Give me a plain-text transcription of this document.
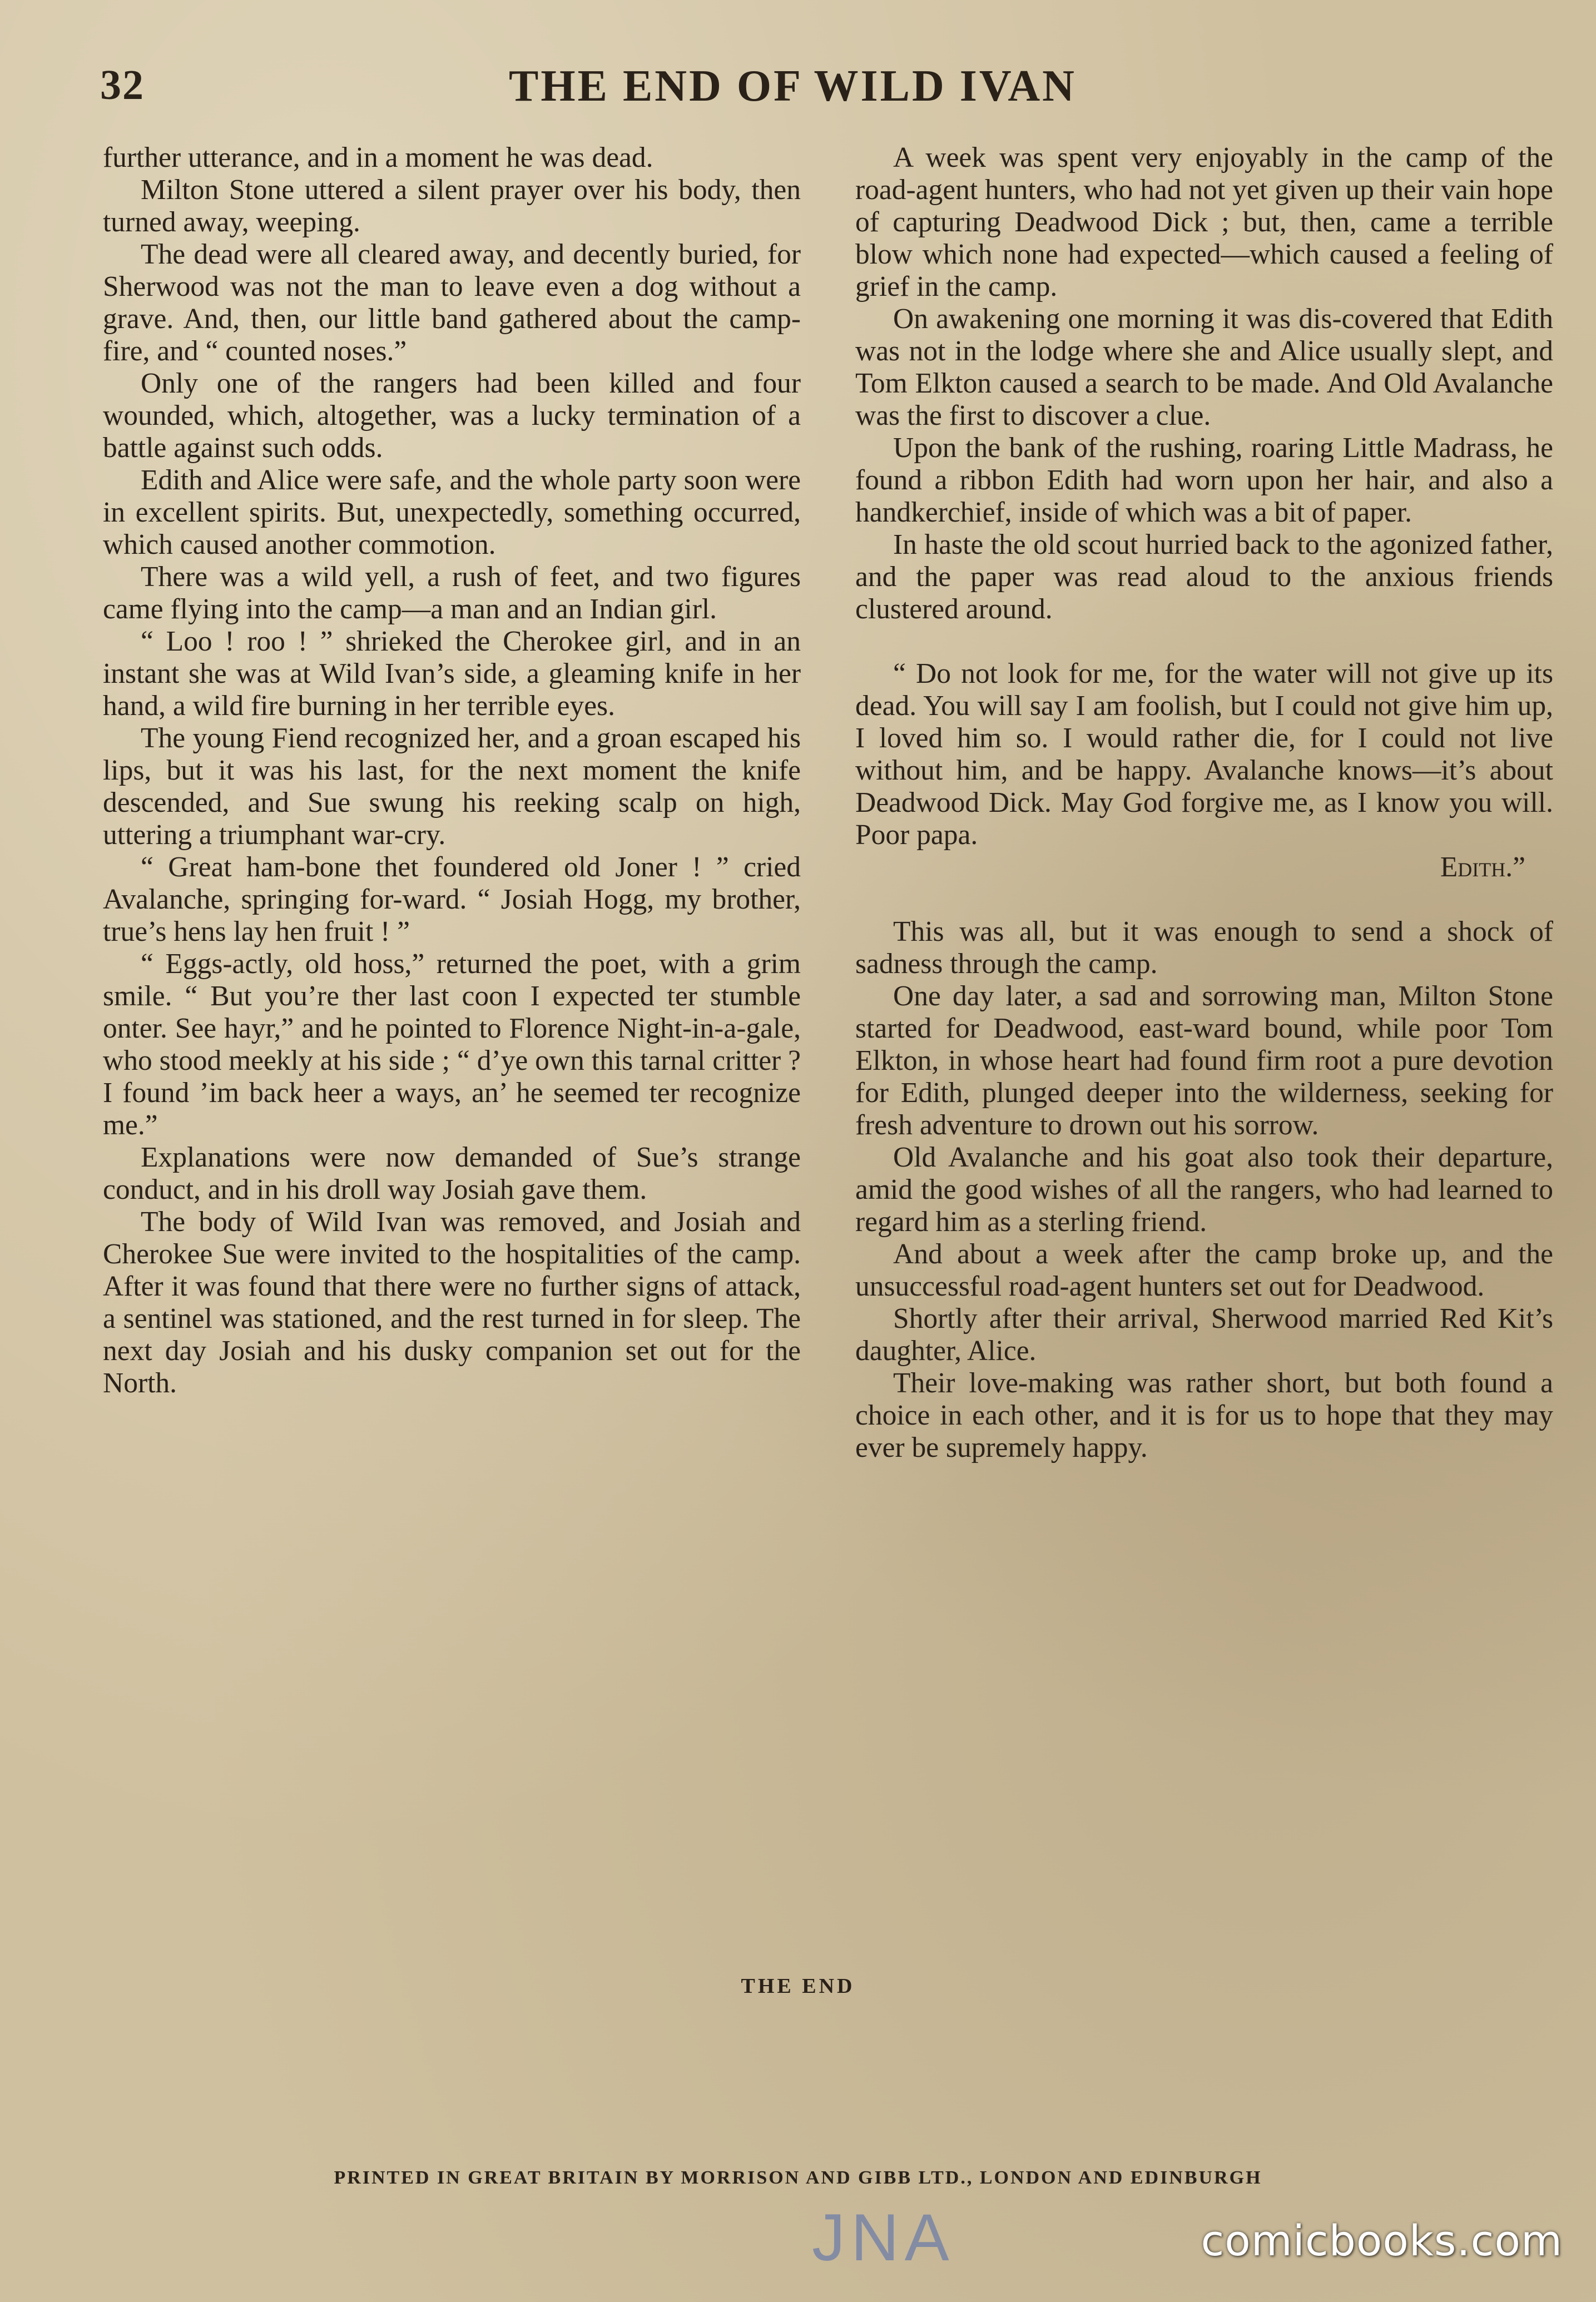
32	THE END OF WILD IVAN

further utterance, and in a moment he was dead.

Milton Stone uttered a silent prayer over his body, then turned away, weeping.

The dead were all cleared away, and decently buried, for Sherwood was not the man to leave even a dog without a grave. And, then, our little band gathered about the camp-fire, and “ counted noses.”

Only one of the rangers had been killed and four wounded, which, altogether, was a lucky termination of a battle against such odds.

Edith and Alice were safe, and the whole party soon were in excellent spirits. But, unexpectedly, something occurred, which caused another commotion.

There was a wild yell, a rush of feet, and two figures came flying into the camp—a man and an Indian girl.

“ Loo ! roo ! ” shrieked the Cherokee girl, and in an instant she was at Wild Ivan’s side, a gleaming knife in her hand, a wild fire burning in her terrible eyes.

The young Fiend recognized her, and a groan escaped his lips, but it was his last, for the next moment the knife descended, and Sue swung his reeking scalp on high, uttering a triumphant war-cry.

“ Great ham-bone thet foundered old Joner ! ” cried Avalanche, springing for-ward. “ Josiah Hogg, my brother, true’s hens lay hen fruit ! ”

“ Eggs-actly, old hoss,” returned the poet, with a grim smile. “ But you’re ther last coon I expected ter stumble onter. See hayr,” and he pointed to Florence Night-in-a-gale, who stood meekly at his side ; “ d’ye own this tarnal critter ? I found ’im back heer a ways, an’ he seemed ter recognize me.”

Explanations were now demanded of Sue’s strange conduct, and in his droll way Josiah gave them.

The body of Wild Ivan was removed, and Josiah and Cherokee Sue were invited to the hospitalities of the camp. After it was found that there were no further signs of attack, a sentinel was stationed, and the rest turned in for sleep. The next day Josiah and his dusky companion set out for the North.

A week was spent very enjoyably in the camp of the road-agent hunters, who had not yet given up their vain hope of capturing Deadwood Dick ; but, then, came a terrible blow which none had expected—which caused a feeling of grief in the camp.

On awakening one morning it was dis-covered that Edith was not in the lodge where she and Alice usually slept, and Tom Elkton caused a search to be made. And Old Avalanche was the first to discover a clue.

Upon the bank of the rushing, roaring Little Madrass, he found a ribbon Edith had worn upon her hair, and also a handkerchief, inside of which was a bit of paper.

In haste the old scout hurried back to the agonized father, and the paper was read aloud to the anxious friends clustered around.

“ Do not look for me, for the water will not give up its dead. You will say I am foolish, but I could not give him up, I loved him so. I would rather die, for I could not live without him, and be happy. Avalanche knows—it’s about Deadwood Dick. May God forgive me, as I know you will. Poor papa.

Edith.”

This was all, but it was enough to send a shock of sadness through the camp.

One day later, a sad and sorrowing man, Milton Stone started for Deadwood, east-ward bound, while poor Tom Elkton, in whose heart had found firm root a pure devotion for Edith, plunged deeper into the wilderness, seeking for fresh adventure to drown out his sorrow.

Old Avalanche and his goat also took their departure, amid the good wishes of all the rangers, who had learned to regard him as a sterling friend.

And about a week after the camp broke up, and the unsuccessful road-agent hunters set out for Deadwood.

Shortly after their arrival, Sherwood married Red Kit’s daughter, Alice.

Their love-making was rather short, but both found a choice in each other, and it is for us to hope that they may ever be supremely happy.

THE END
PRINTED IN GREAT BRITAIN BY MORRISON AND GIBB LTD., LONDON AND EDINBURGH
JNA	comicbooks.com
